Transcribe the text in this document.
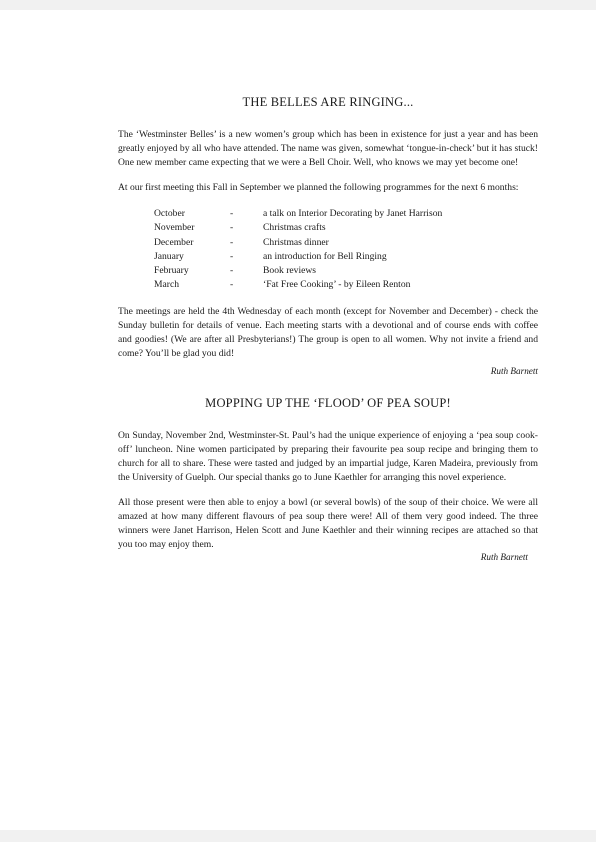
THE BELLES ARE RINGING...

The ‘Westminster Belles’ is a new women’s group which has been in existence for just a year and has been greatly enjoyed by all who have attended. The name was given, somewhat ‘tongue-in-check’ but it has stuck! One new member came expecting that we were a Bell Choir. Well, who knows we may yet become one!

At our first meeting this Fall in September we planned the following programmes for the next 6 months:

October	-	a talk on Interior Decorating by Janet Harrison
November	-	Christmas crafts
December	-	Christmas dinner
January	-	an introduction for Bell Ringing
February	-	Book reviews
March	-	‘Fat Free Cooking’ - by Eileen Renton

The meetings are held the 4th Wednesday of each month (except for November and December) - check the Sunday bulletin for details of venue. Each meeting starts with a devotional and of course ends with coffee and goodies! (We are after all Presbyterians!) The group is open to all women. Why not invite a friend and come? You’ll be glad you did!

Ruth Barnett
MOPPING UP THE ‘FLOOD’ OF PEA SOUP!

On Sunday, November 2nd, Westminster-St. Paul’s had the unique experience of enjoying a ‘pea soup cook-off’ luncheon. Nine women participated by preparing their favourite pea soup recipe and bringing them to church for all to share. These were tasted and judged by an impartial judge, Karen Madeira, previously from the University of Guelph. Our special thanks go to June Kaethler for arranging this novel experience.

All those present were then able to enjoy a bowl (or several bowls) of the soup of their choice. We were all amazed at how many different flavours of pea soup there were! All of them very good indeed. The three winners were Janet Harrison, Helen Scott and June Kaethler and their winning recipes are attached so that you too may enjoy them.

Ruth Barnett
